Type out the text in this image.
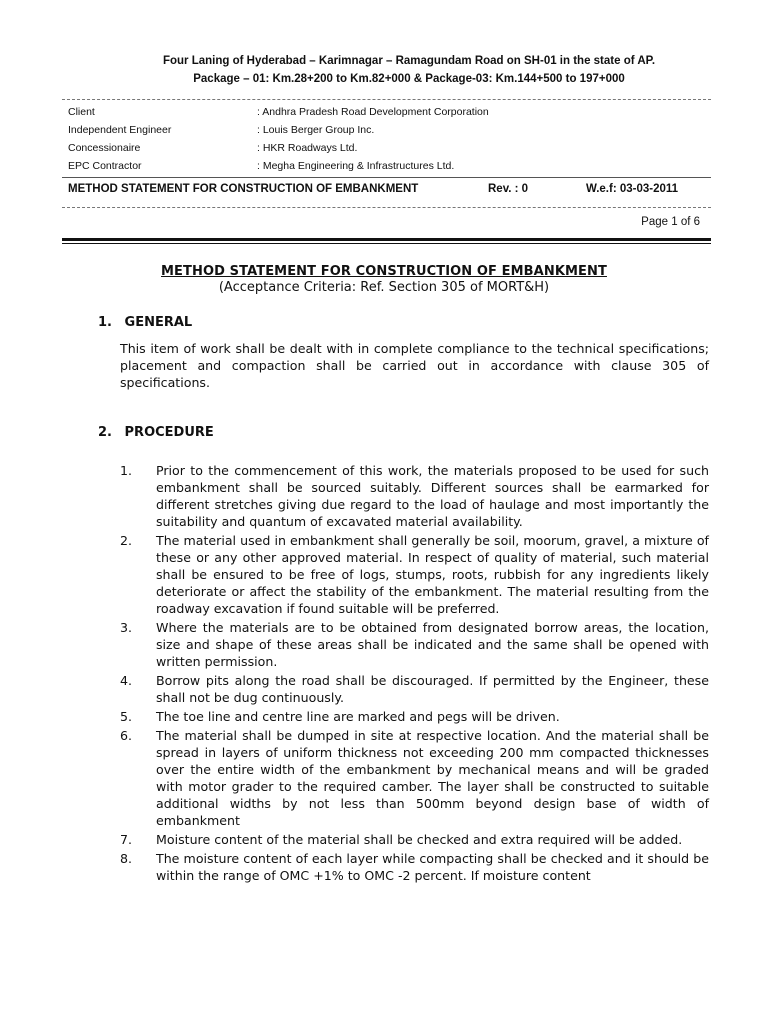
Four Laning of Hyderabad – Karimnagar – Ramagundam Road on SH-01 in the state of AP.
Package – 01: Km.28+200 to Km.82+000 & Package-03: Km.144+500 to 197+000
Client	: Andhra Pradesh Road Development Corporation
Independent Engineer	: Louis Berger Group Inc.
Concessionaire	: HKR Roadways Ltd.
EPC Contractor	: Megha Engineering & Infrastructures Ltd.
METHOD STATEMENT FOR CONSTRUCTION OF EMBANKMENT	Rev. : 0	W.e.f: 03-03-2011
Page 1 of 6
METHOD STATEMENT FOR CONSTRUCTION OF EMBANKMENT
(Acceptance Criteria: Ref. Section 305 of MORT&H)
1. GENERAL
This item of work shall be dealt with in complete compliance to the technical specifications; placement and compaction shall be carried out in accordance with clause 305 of specifications.
2. PROCEDURE
1.	Prior to the commencement of this work, the materials proposed to be used for such embankment shall be sourced suitably. Different sources shall be earmarked for different stretches giving due regard to the load of haulage and most importantly the suitability and quantum of excavated material availability.
2.	The material used in embankment shall generally be soil, moorum, gravel, a mixture of these or any other approved material. In respect of quality of material, such material shall be ensured to be free of logs, stumps, roots, rubbish for any ingredients likely deteriorate or affect the stability of the embankment. The material resulting from the roadway excavation if found suitable will be preferred.
3.	Where the materials are to be obtained from designated borrow areas, the location, size and shape of these areas shall be indicated and the same shall be opened with written permission.
4.	Borrow pits along the road shall be discouraged. If permitted by the Engineer, these shall not be dug continuously.
5.	The toe line and centre line are marked and pegs will be driven.
6.	The material shall be dumped in site at respective location. And the material shall be spread in layers of uniform thickness not exceeding 200 mm compacted thicknesses over the entire width of the embankment by mechanical means and will be graded with motor grader to the required camber. The layer shall be constructed to suitable additional widths by not less than 500mm beyond design base of width of embankment
7.	Moisture content of the material shall be checked and extra required will be added.
8.	The moisture content of each layer while compacting shall be checked and it should be within the range of OMC +1% to OMC -2 percent. If moisture content
